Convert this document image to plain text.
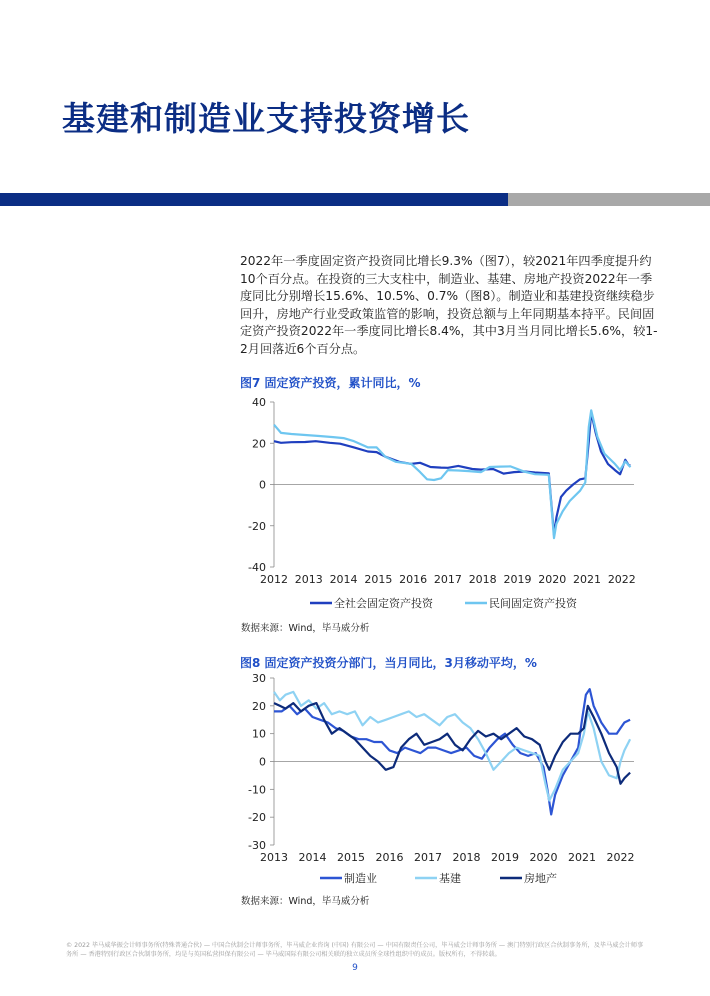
基建和制造业支持投资增长
2022年一季度固定资产投资同比增长9.3%（图7），较2021年四季度提升约10个百分点。在投资的三大支柱中，制造业、基建、房地产投资2022年一季度同比分别增长15.6%、10.5%、0.7%（图8）。制造业和基建投资继续稳步回升，房地产行业受政策监管的影响，投资总额与上年同期基本持平。民间固定资产投资2022年一季度同比增长8.4%，其中3月当月同比增长5.6%，较1-2月回落近6个百分点。
图7 固定资产投资，累计同比，%
-40
-20
0
20
40
2012 2013 2014 2015 2016 2017 2018 2019 2020 2021 2022
全社会固定资产投资	民间固定资产投资
数据来源：Wind，毕马威分析
图8 固定资产投资分部门，当月同比，3月移动平均，%
-30
-20
-10
0
10
20
30
2013 2014 2015 2016 2017 2018 2019 2020 2021 2022
制造业	基建	房地产
数据来源：Wind，毕马威分析
© 2022 毕马威华振会计师事务所(特殊普通合伙) — 中国合伙制会计师事务所，毕马威企业咨询 (中国) 有限公司 — 中国有限责任公司，毕马威会计师事务所 — 澳门特别行政区合伙制事务所，及毕马威会计师事务所 — 香港特别行政区合伙制事务所，均是与英国私营担保有限公司 — 毕马威国际有限公司相关联的独立成员所全球性组织中的成员。版权所有，不得转载。
9
